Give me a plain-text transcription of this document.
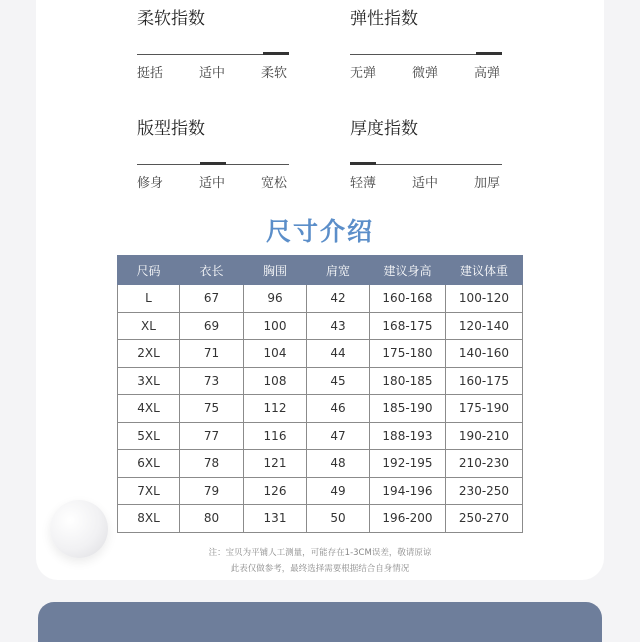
柔软指数
挺括	适中	柔软
弹性指数
无弹	微弹	高弹
版型指数
修身	适中	宽松
厚度指数
轻薄	适中	加厚
尺寸介绍
尺码	衣长	胸围	肩宽	建议身高	建议体重
L	67	96	42	160-168	100-120
XL	69	100	43	168-175	120-140
2XL	71	104	44	175-180	140-160
3XL	73	108	45	180-185	160-175
4XL	75	112	46	185-190	175-190
5XL	77	116	47	188-193	190-210
6XL	78	121	48	192-195	210-230
7XL	79	126	49	194-196	230-250
8XL	80	131	50	196-200	250-270
注：宝贝为平铺人工测量，可能存在1-3CM误差，敬请原谅
此表仅做参考，最终选择需要根据结合自身情况
